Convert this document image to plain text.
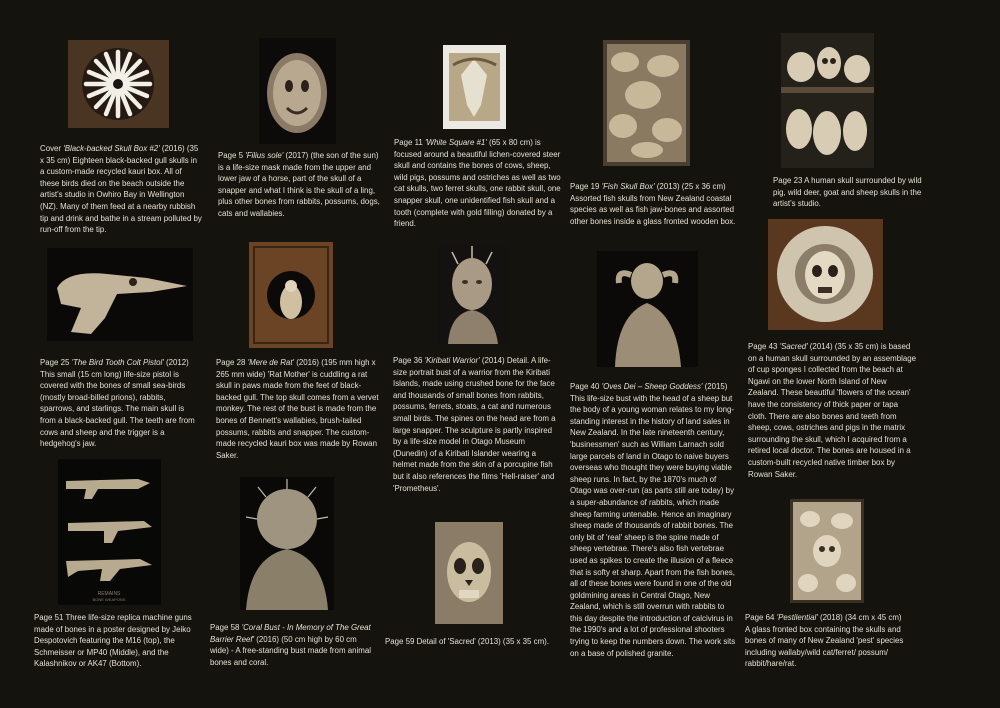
Cover 'Black-backed Skull Box #2' (2016) (35 x 35 cm) Eighteen black-backed gull skulls in a custom-made recycled kauri box. All of these birds died on the beach outside the artist's studio in Owhiro Bay in Wellington (NZ). Many of them feed at a nearby rubbish tip and drink and bathe in a stream polluted by run-off from the tip.

Page 5 'Filius sole' (2017) (the son of the sun) is a life-size mask made from the upper and lower jaw of a horse, part of the skull of a snapper and what I think is the skull of a ling, plus other bones from rabbits, possums, dogs, cats and wallabies.

Page 11 'White Square #1' (65 x 80 cm) is focused around a beautiful lichen-covered steer skull and contains the bones of cows, sheep, wild pigs, possums and ostriches as well as two cat skulls, two ferret skulls, one rabbit skull, one snapper skull, one unidentified fish skull and a tooth (complete with gold filling) donated by a friend.

Page 19 'Fish Skull Box' (2013) (25 x 36 cm) Assorted fish skulls from New Zealand coastal species as well as fish jaw-bones and assorted other bones inside a glass fronted wooden box.

Page 23 A human skull surrounded by wild pig, wild deer, goat and sheep skulls in the artist's studio.

Page 25 'The Bird Tooth Colt Pistol' (2012) This small (15 cm long) life-size pistol is covered with the bones of small sea-birds (mostly broad-billed prions), rabbits, sparrows, and starlings. The main skull is from a black-backed gull. The teeth are from cows and sheep and the trigger is a hedgehog's jaw.

Page 28 'Mere de Rat' (2016) (195 mm high x 265 mm wide) 'Rat Mother' is cuddling a rat skull in paws made from the feet of black-backed gull. The top skull comes from a vervet monkey. The rest of the bust is made from the bones of Bennett's wallabies, brush-tailed possums, rabbits and snapper. The custom-made recycled kauri box was made by Rowan Saker.

Page 36 'Kiribati Warrior' (2014) Detail. A life-size portrait bust of a warrior from the Kiribati Islands, made using crushed bone for the face and thousands of small bones from rabbits, possums, ferrets, stoats, a cat and numerous small birds. The spines on the head are from a large snapper. The sculpture is partly inspired by a life-size model in Otago Museum (Dunedin) of a Kiribati Islander wearing a helmet made from the skin of a porcupine fish but it also references the films 'Hell-raiser' and 'Prometheus'.

Page 40 'Oves Dei – Sheep Goddess' (2015) This life-size bust with the head of a sheep but the body of a young woman relates to my long-standing interest in the history of land sales in New Zealand. In the late nineteenth century, 'businessmen' such as William Larnach sold large parcels of land in Otago to naive buyers overseas who thought they were buying viable sheep runs. In fact, by the 1870's much of Otago was over-run (as parts still are today) by a super-abundance of rabbits, which made sheep farming untenable. Hence an imaginary sheep made of thousands of rabbit bones. The only bit of 'real' sheep is the spine made of sheep vertebrae. There's also fish vertebrae used as spikes to create the illusion of a fleece that is softy et sharp. Apart from the fish bones, all of these bones were found in one of the old goldmining areas in Central Otago, New Zealand, which is still overrun with rabbits to this day despite the introduction of calcivirus in the 1990's and a lot of professional shooters trying to keep the numbers down. The work sits on a base of polished granite.

Page 43 'Sacred' (2014) (35 x 35 cm) is based on a human skull surrounded by an assemblage of cup sponges I collected from the beach at Ngawi on the lower North Island of New Zealand. These beautiful 'flowers of the ocean' have the consistency of thick paper or tapa cloth. There are also bones and teeth from sheep, cows, ostriches and pigs in the matrix surrounding the skull, which I acquired from a retired local doctor. The bones are housed in a custom-built recycled native timber box by Rowan Saker.

REMAINS
BONE WEAPONS

Page 51 Three life-size replica machine guns made of bones in a poster designed by Jeiko Despotovich featuring the M16 (top), the Schmeisser or MP40 (Middle), and the Kalashnikov or AK47 (Bottom).

Page 58 'Coral Bust - In Memory of The Great Barrier Reef' (2016) (50 cm high by 60 cm wide) - A free-standing bust made from animal bones and coral.

Page 59 Detail of 'Sacred' (2013) (35 x 35 cm).

Page 64 'Pestilential' (2018) (34 cm x 45 cm) A glass fronted box containing the skulls and bones of many of New Zealand 'pest' species including wallaby/wild cat/ferret/ possum/ rabbit/hare/rat.
